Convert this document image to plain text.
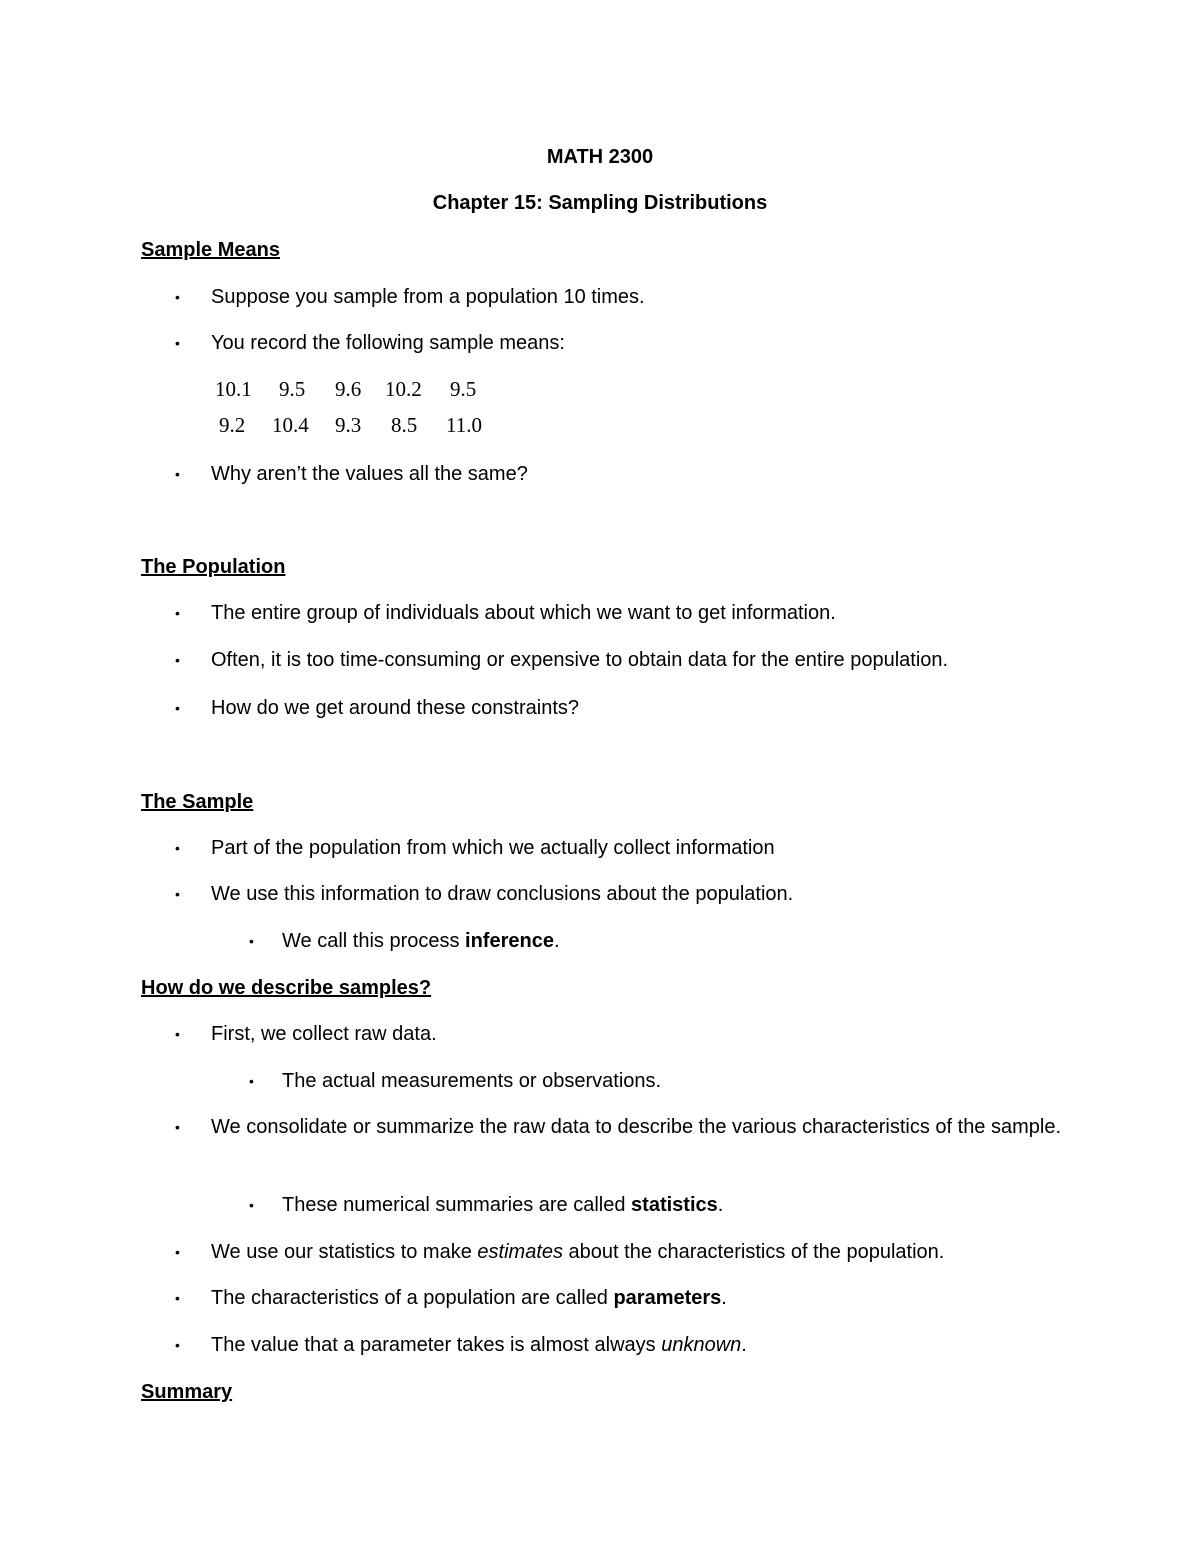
MATH 2300
Chapter 15: Sampling Distributions
Sample Means
• Suppose you sample from a population 10 times.
• You record the following sample means:
10.1 9.5 9.6 10.2 9.5
9.2 10.4 9.3 8.5 11.0
• Why aren’t the values all the same?
The Population
• The entire group of individuals about which we want to get information.
• Often, it is too time-consuming or expensive to obtain data for the entire population.
• How do we get around these constraints?
The Sample
• Part of the population from which we actually collect information
• We use this information to draw conclusions about the population.
• We call this process inference.
How do we describe samples?
• First, we collect raw data.
• The actual measurements or observations.
• We consolidate or summarize the raw data to describe the various characteristics of the sample.
• These numerical summaries are called statistics.
• We use our statistics to make estimates about the characteristics of the population.
• The characteristics of a population are called parameters.
• The value that a parameter takes is almost always unknown.
Summary
